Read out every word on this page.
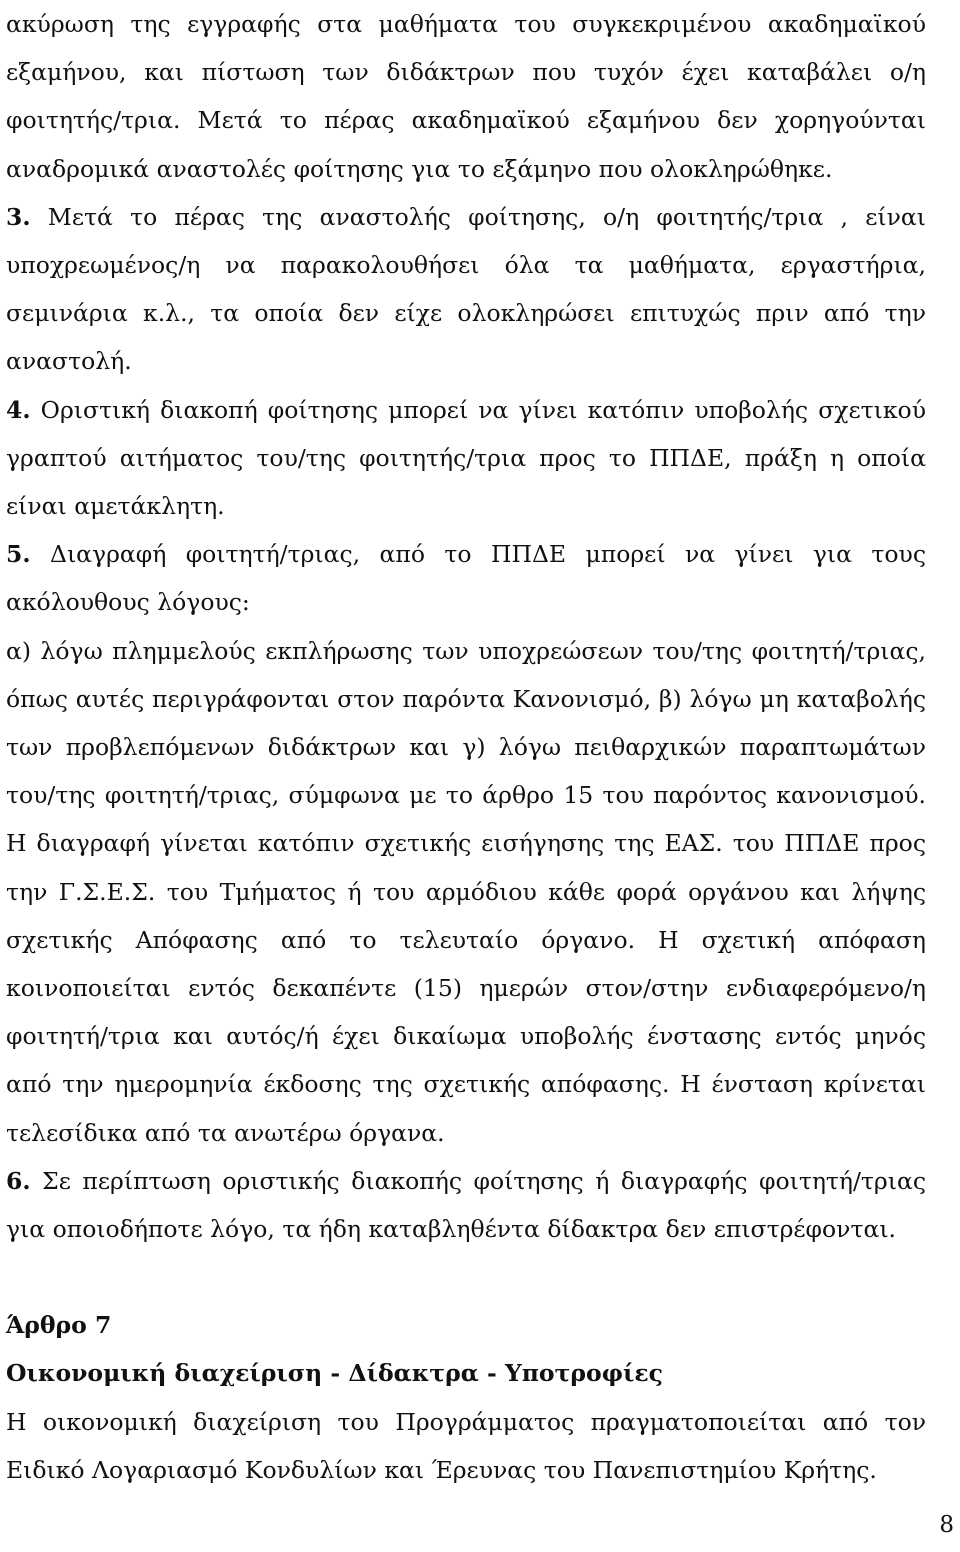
ακύρωση της εγγραφής στα μαθήματα του συγκεκριμένου ακαδημαϊκού εξαμήνου, και πίστωση των διδάκτρων που τυχόν έχει καταβάλει ο/η φοιτητής/τρια. Μετά το πέρας ακαδημαϊκού εξαμήνου δεν χορηγούνται αναδρομικά αναστολές φοίτησης για το εξάμηνο που ολοκληρώθηκε.

3. Μετά το πέρας της αναστολής φοίτησης, ο/η φοιτητής/τρια , είναι υποχρεωμένος/η να παρακολουθήσει όλα τα μαθήματα, εργαστήρια, σεμινάρια κ.λ., τα οποία δεν είχε ολοκληρώσει επιτυχώς πριν από την αναστολή.

4. Οριστική διακοπή φοίτησης μπορεί να γίνει κατόπιν υποβολής σχετικού γραπτού αιτήματος του/της φοιτητής/τρια προς το ΠΠΔΕ, πράξη η οποία είναι αμετάκλητη.

5. Διαγραφή φοιτητή/τριας, από το ΠΠΔΕ μπορεί να γίνει για τους ακόλουθους λόγους:

α) λόγω πλημμελούς εκπλήρωσης των υποχρεώσεων του/της φοιτητή/τριας, όπως αυτές περιγράφονται στον παρόντα Κανονισμό, β) λόγω μη καταβολής των προβλεπόμενων διδάκτρων και γ) λόγω πειθαρχικών παραπτωμάτων του/της φοιτητή/τριας, σύμφωνα με το άρθρο 15 του παρόντος κανονισμού. Η διαγραφή γίνεται κατόπιν σχετικής εισήγησης της ΕΑΣ. του ΠΠΔΕ προς την Γ.Σ.Ε.Σ. του Τμήματος ή του αρμόδιου κάθε φορά οργάνου και λήψης σχετικής Απόφασης από το τελευταίο όργανο. Η σχετική απόφαση κοινοποιείται εντός δεκαπέντε (15) ημερών στον/στην ενδιαφερόμενο/η φοιτητή/τρια και αυτός/ή έχει δικαίωμα υποβολής ένστασης εντός μηνός από την ημερομηνία έκδοσης της σχετικής απόφασης. Η ένσταση κρίνεται τελεσίδικα από τα ανωτέρω όργανα.

6. Σε περίπτωση οριστικής διακοπής φοίτησης ή διαγραφής φοιτητή/τριας για οποιοδήποτε λόγο, τα ήδη καταβληθέντα δίδακτρα δεν επιστρέφονται.

Άρθρο 7

Οικονομική διαχείριση - Δίδακτρα - Υποτροφίες

Η οικονομική διαχείριση του Προγράμματος πραγματοποιείται από τον Ειδικό Λογαριασμό Κονδυλίων και Έρευνας του Πανεπιστημίου Κρήτης.

8
